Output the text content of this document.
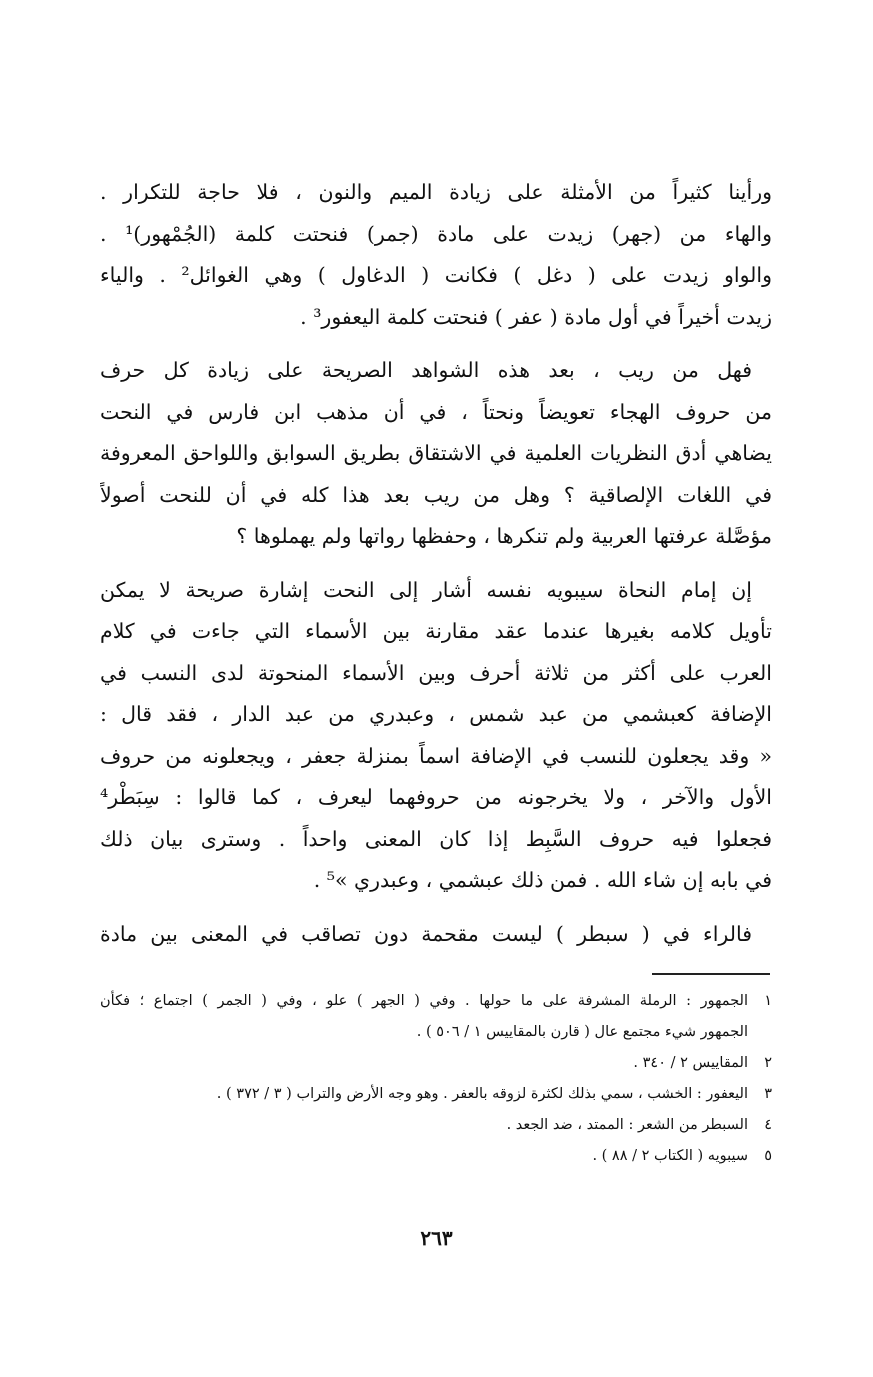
ورأينا كثيراً من الأمثلة على زيادة الميم والنون ، فلا حاجة للتكرار .
والهاء من (جهر) زيدت على مادة (جمر) فنحتت كلمة (الجُمْهور)¹ .
والواو زيدت على ( دغل ) فكانت ( الدغاول ) وهي الغوائل² . والياء
زيدت أخيراً في أول مادة ( عفر ) فنحتت كلمة اليعفور³ .
فهل من ريب ، بعد هذه الشواهد الصريحة على زيادة كل حرف
من حروف الهجاء تعويضاً ونحتاً ، في أن مذهب ابن فارس في النحت
يضاهي أدق النظريات العلمية في الاشتقاق بطريق السوابق واللواحق المعروفة
في اللغات الإلصاقية ؟ وهل من ريب بعد هذا كله في أن للنحت أصولاً
مؤصَّلة عرفتها العربية ولم تنكرها ، وحفظها رواتها ولم يهملوها ؟
إن إمام النحاة سيبويه نفسه أشار إلى النحت إشارة صريحة لا يمكن
تأويل كلامه بغيرها عندما عقد مقارنة بين الأسماء التي جاءت في كلام
العرب على أكثر من ثلاثة أحرف وبين الأسماء المنحوتة لدى النسب في
الإضافة كعبشمي من عبد شمس ، وعبدري من عبد الدار ، فقد قال :
« وقد يجعلون للنسب في الإضافة اسماً بمنزلة جعفر ، ويجعلونه من حروف
الأول والآخر ، ولا يخرجونه من حروفهما ليعرف ، كما قالوا : سِبَطْر⁴
فجعلوا فيه حروف السَّبِط إذا كان المعنى واحداً . وسترى بيان ذلك
في بابه إن شاء الله . فمن ذلك عبشمي ، وعبدري »⁵ .
فالراء في ( سبطر ) ليست مقحمة دون تصاقب في المعنى بين مادة
١الجمهور : الرملة المشرفة على ما حولها . وفي ( الجهر ) علو ، وفي ( الجمر ) اجتماع ؛ فكأن
الجمهور شيء مجتمع عال ( قارن بالمقاييس ١ / ٥٠٦ ) .
٢المقاييس ٢ / ٣٤٠ .
٣اليعفور : الخشب ، سمي بذلك لكثرة لزوقه بالعفر . وهو وجه الأرض والتراب ( ٣ / ٣٧٢ ) .
٤السبطر من الشعر : الممتد ، ضد الجعد .
٥سيبويه ( الكتاب ٢ / ٨٨ ) .
٢٦٣
